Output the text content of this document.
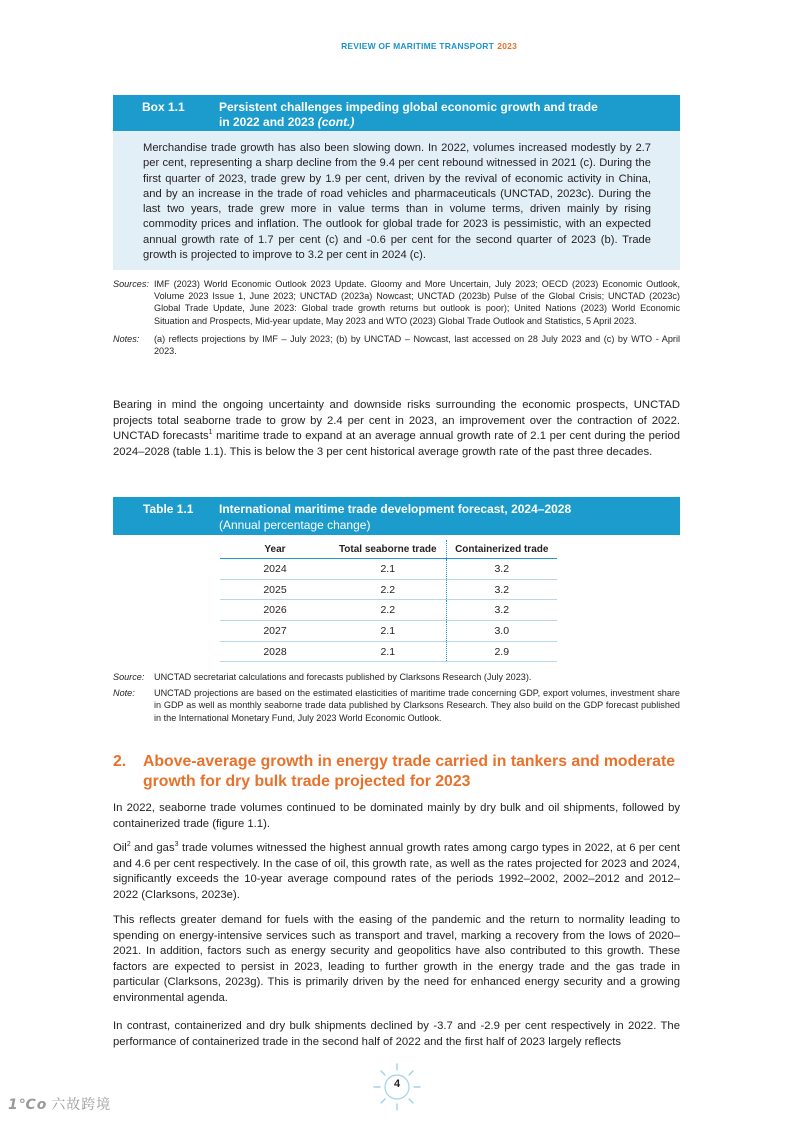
REVIEW OF MARITIME TRANSPORT 2023
Box 1.1	Persistent challenges impeding global economic growth and trade
in 2022 and 2023 (cont.)
Merchandise trade growth has also been slowing down. In 2022, volumes increased modestly by 2.7 per cent, representing a sharp decline from the 9.4 per cent rebound witnessed in 2021 (c). During the first quarter of 2023, trade grew by 1.9 per cent, driven by the revival of economic activity in China, and by an increase in the trade of road vehicles and pharmaceuticals (UNCTAD, 2023c). During the last two years, trade grew more in value terms than in volume terms, driven mainly by rising commodity prices and inflation. The outlook for global trade for 2023 is pessimistic, with an expected annual growth rate of 1.7 per cent (c) and -0.6 per cent for the second quarter of 2023 (b). Trade growth is projected to improve to 3.2 per cent in 2024 (c).
Sources: IMF (2023) World Economic Outlook 2023 Update. Gloomy and More Uncertain, July 2023; OECD (2023) Economic Outlook, Volume 2023 Issue 1, June 2023; UNCTAD (2023a) Nowcast; UNCTAD (2023b) Pulse of the Global Crisis; UNCTAD (2023c) Global Trade Update, June 2023: Global trade growth returns but outlook is poor); United Nations (2023) World Economic Situation and Prospects, Mid-year update, May 2023 and WTO (2023) Global Trade Outlook and Statistics, 5 April 2023.
Notes:	(a) reflects projections by IMF – July 2023; (b) by UNCTAD – Nowcast, last accessed on 28 July 2023 and (c) by WTO - April 2023.
Bearing in mind the ongoing uncertainty and downside risks surrounding the economic prospects, UNCTAD projects total seaborne trade to grow by 2.4 per cent in 2023, an improvement over the contraction of 2022. UNCTAD forecasts$^1$ maritime trade to expand at an average annual growth rate of 2.1 per cent during the period 2024–2028 (table 1.1). This is below the 3 per cent historical average growth rate of the past three decades.
Table 1.1 International maritime trade development forecast, 2024–2028
(Annual percentage change)
Year	Total seaborne trade	Containerized trade
2024	2.1	3.2
2025	2.2	3.2
2026	2.2	3.2
2027	2.1	3.0
2028	2.1	2.9
Source:	UNCTAD secretariat calculations and forecasts published by Clarksons Research (July 2023).
Note:	UNCTAD projections are based on the estimated elasticities of maritime trade concerning GDP, export volumes, investment share in GDP as well as monthly seaborne trade data published by Clarksons Research. They also build on the GDP forecast published in the International Monetary Fund, July 2023 World Economic Outlook.
2. Above-average growth in energy trade carried in tankers and moderate growth for dry bulk trade projected for 2023
In 2022, seaborne trade volumes continued to be dominated mainly by dry bulk and oil shipments, followed by containerized trade (figure 1.1).
Oil$^2$ and gas$^3$ trade volumes witnessed the highest annual growth rates among cargo types in 2022, at 6 per cent and 4.6 per cent respectively. In the case of oil, this growth rate, as well as the rates projected for 2023 and 2024, significantly exceeds the 10-year average compound rates of the periods 1992–2002, 2002–2012 and 2012–2022 (Clarksons, 2023e).
This reflects greater demand for fuels with the easing of the pandemic and the return to normality leading to spending on energy-intensive services such as transport and travel, marking a recovery from the lows of 2020–2021. In addition, factors such as energy security and geopolitics have also contributed to this growth. These factors are expected to persist in 2023, leading to further growth in the energy trade and the gas trade in particular (Clarksons, 2023g). This is primarily driven by the need for enhanced energy security and a growing environmental agenda.
In contrast, containerized and dry bulk shipments declined by -3.7 and -2.9 per cent respectively in 2022. The performance of containerized trade in the second half of 2022 and the first half of 2023 largely reflects
4
1℃o 六故跨境
